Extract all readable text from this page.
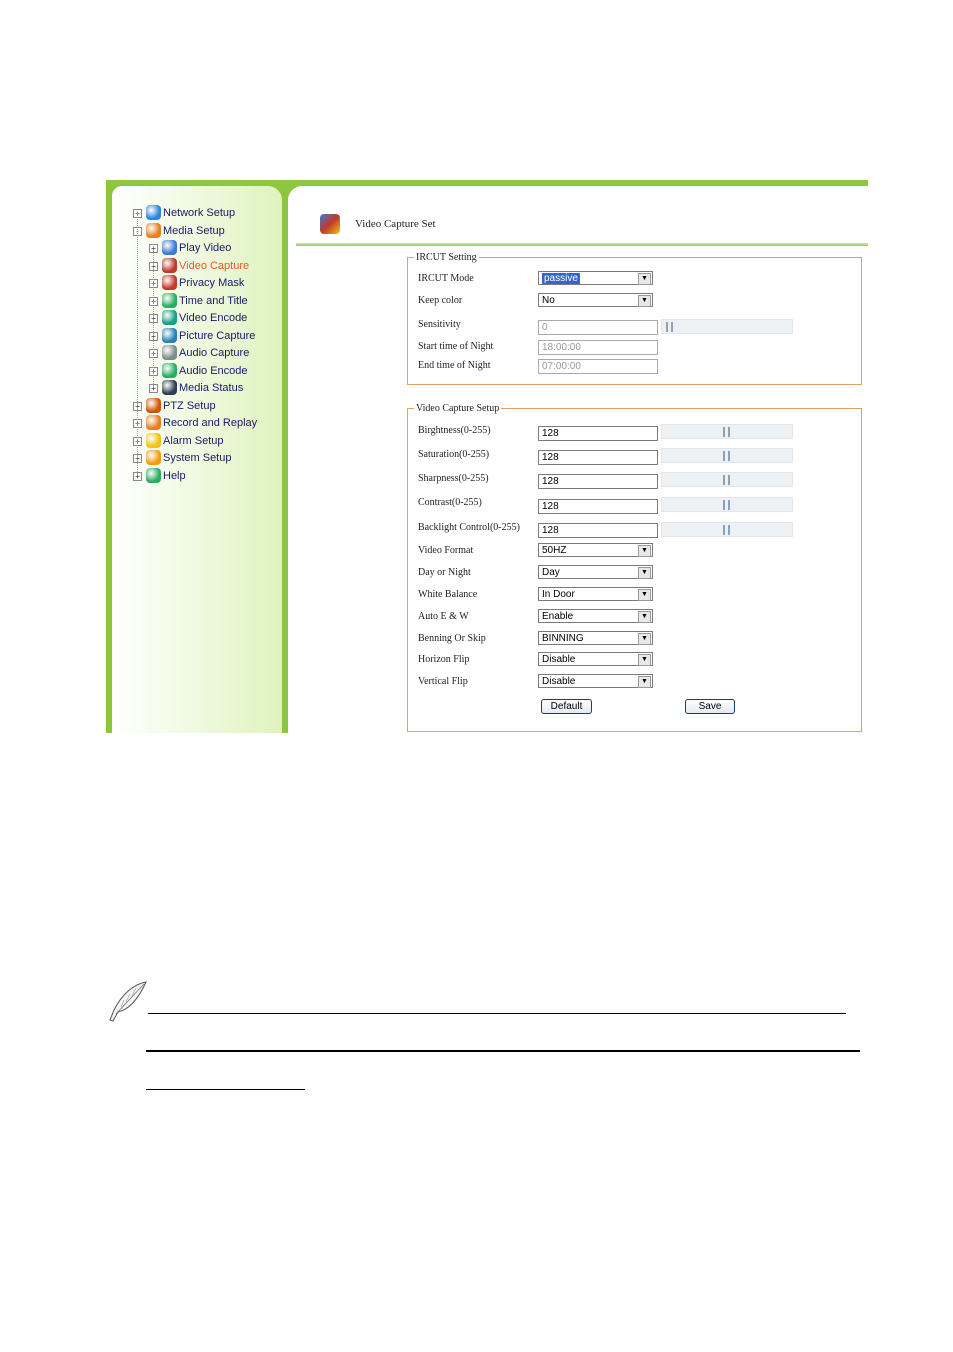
+ Network Setup
- Media Setup
+ Play Video
+ Video Capture
+ Privacy Mask
+ Time and Title
+ Video Encode
+ Picture Capture
+ Audio Capture
+ Audio Encode
+ Media Status
+ PTZ Setup
+ Record and Replay
+ Alarm Setup
+ System Setup
+ Help
Video Capture Set
IRCUT Setting
IRCUT Mode	passive	▼
Keep color	No	▼
Sensitivity	0
Start time of Night	18:00:00
End time of Night	07:00:00
Video Capture Setup
Birghtness(0-255)	128
Saturation(0-255)	128
Sharpness(0-255)	128
Contrast(0-255)	128
Backlight Control(0-255)	128
Video Format	50HZ	▼
Day or Night	Day	▼
White Balance	In Door	▼
Auto E & W	Enable	▼
Benning Or Skip	BINNING	▼
Horizon Flip	Disable	▼
Vertical Flip	Disable	▼
Default	Save
